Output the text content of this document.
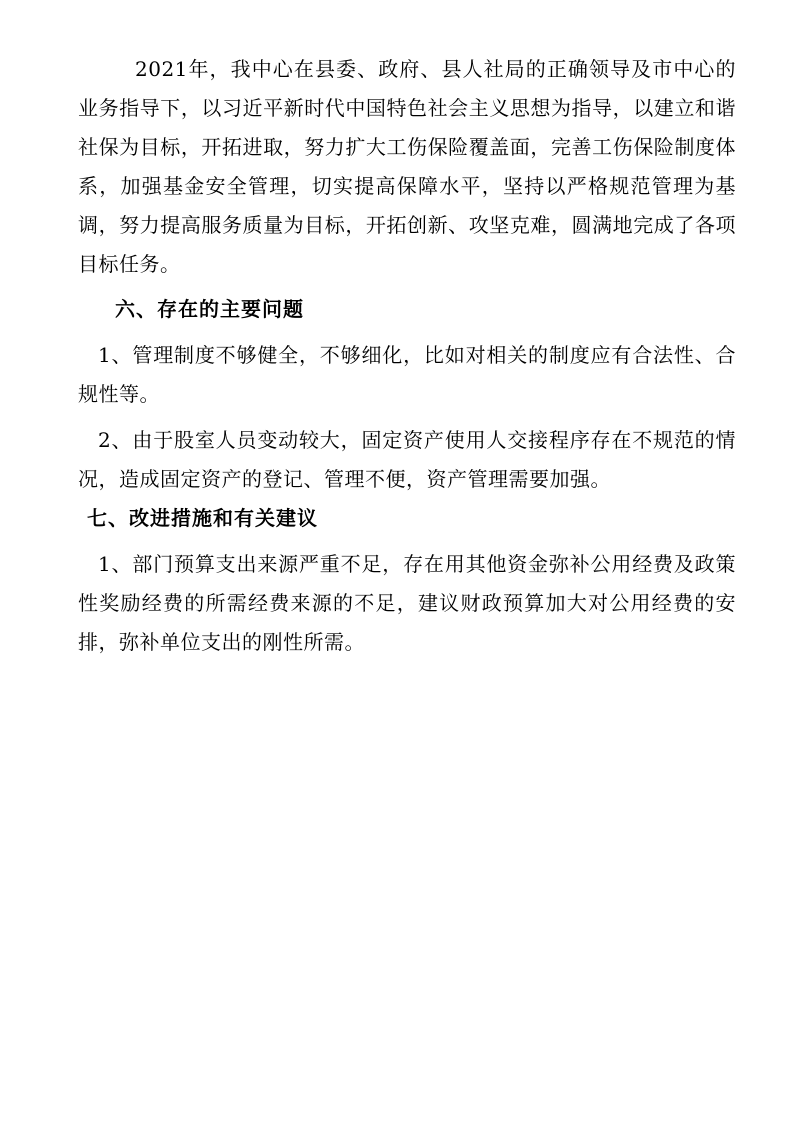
2021年，我中心在县委、政府、县人社局的正确领导及市中心的业务指导下，以习近平新时代中国特色社会主义思想为指导，以建立和谐社保为目标，开拓进取，努力扩大工伤保险覆盖面，完善工伤保险制度体系，加强基金安全管理，切实提高保障水平，坚持以严格规范管理为基调，努力提高服务质量为目标，开拓创新、攻坚克难，圆满地完成了各项目标任务。

六、存在的主要问题

1、管理制度不够健全，不够细化，比如对相关的制度应有合法性、合规性等。

2、由于股室人员变动较大，固定资产使用人交接程序存在不规范的情况，造成固定资产的登记、管理不便，资产管理需要加强。

七、改进措施和有关建议

1、部门预算支出来源严重不足，存在用其他资金弥补公用经费及政策性奖励经费的所需经费来源的不足，建议财政预算加大对公用经费的安排，弥补单位支出的刚性所需。
